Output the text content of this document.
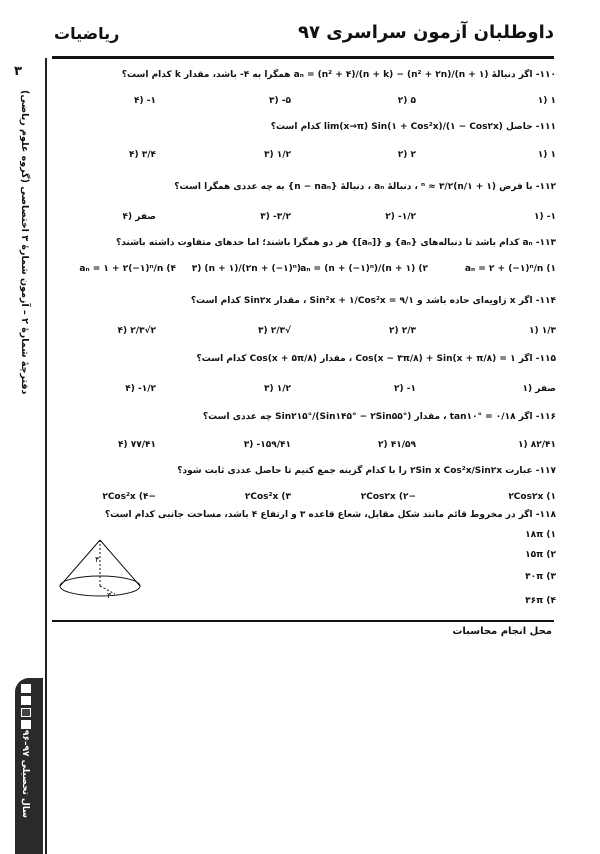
۳
دفترچهٔ شمارهٔ ۲ – آزمون شمارهٔ ۳ اختصاصی (گروه علوم ریاضی)
سال تحصیلی ۹۷–۹۶
داوطلبان آزمون سراسری ۹۷
ریاضیات
۱۱۰- اگر دنبالهٔ aₙ = (n² + ۴)/(n + k) − (n² + ۲n)/(n + ۱) همگرا به ۴- باشد، مقدار k کدام است؟
۱ (۱
۵ (۲
۵- (۳
۱- (۴
۱۱۱- حاصل lim(x→π) Sin(۱ + Cos²x)/(۱ − Cos۲x) کدام است؟
۱ (۱
۲ (۲
۱/۲ (۳
۳/۴ (۴
۱۱۲- با فرض (۱ + ۱/n)ⁿ ≈ ۳/۲ ، دنبالهٔ aₙ ، دنبالهٔ {n − naₙ} به چه عددی همگرا است؟
۱- (۱
۱/۲- (۲
۳/۲- (۳
صفر (۴
۱۱۳- aₙ کدام باشد تا دنباله‌های {aₙ} و {[aₙ]} هر دو همگرا باشند؛ اما حدهای متفاوت داشته باشند؟
aₙ = ۲ + (−۱)ⁿ/n (۱
aₙ = (n + (−۱)ⁿ)/(n + ۱) (۲
(۲n + (−۱)ⁿ)/(n + ۱) (۳
aₙ = ۱ + ۲(−۱)ⁿ/n (۴
۱۱۴- اگر x زاویه‌ای حاده باشد و ۱/Sin²x + ۱/Cos²x = ۹ ، مقدار Sin۲x کدام است؟
۱/۳ (۱
۲/۳ (۲
√۲/۳ (۳
۲√۲/۳ (۴
۱۱۵- اگر Cos(x − ۳π/۸) + Sin(x + π/۸) = ۱ ، مقدار Cos(x + ۵π/۸) کدام است؟
صفر (۱
۱- (۲
۱/۲ (۳
۱/۲- (۴
۱۱۶- اگر tan۱۰° = ۰/۱۸ ، مقدار (Sin۱۴۵° − ۲Sin۵۵°)/Sin۲۱۵° چه عددی است؟
۸۲/۴۱ (۱
۴۱/۵۹ (۲
۱۵۹/۴۱- (۳
۷۷/۴۱ (۴
۱۱۷- عبارت ۲Sin x Cos²x/Sin۲x را با کدام گزینه جمع کنیم تا حاصل عددی ثابت شود؟
۲Cos۲x (۱
−۲Cos۲x (۲
۲Cos²x (۳
−۲Cos²x (۴
۱۱۸- اگر در مخروط قائم مانند شکل مقابل، شعاع قاعده ۳ و ارتفاع ۴ باشد، مساحت جانبی کدام است؟
۱۸π (۱
۱۵π (۲
۳۰π (۳
۳۶π (۴
۴
۳
محل انجام محاسبات
